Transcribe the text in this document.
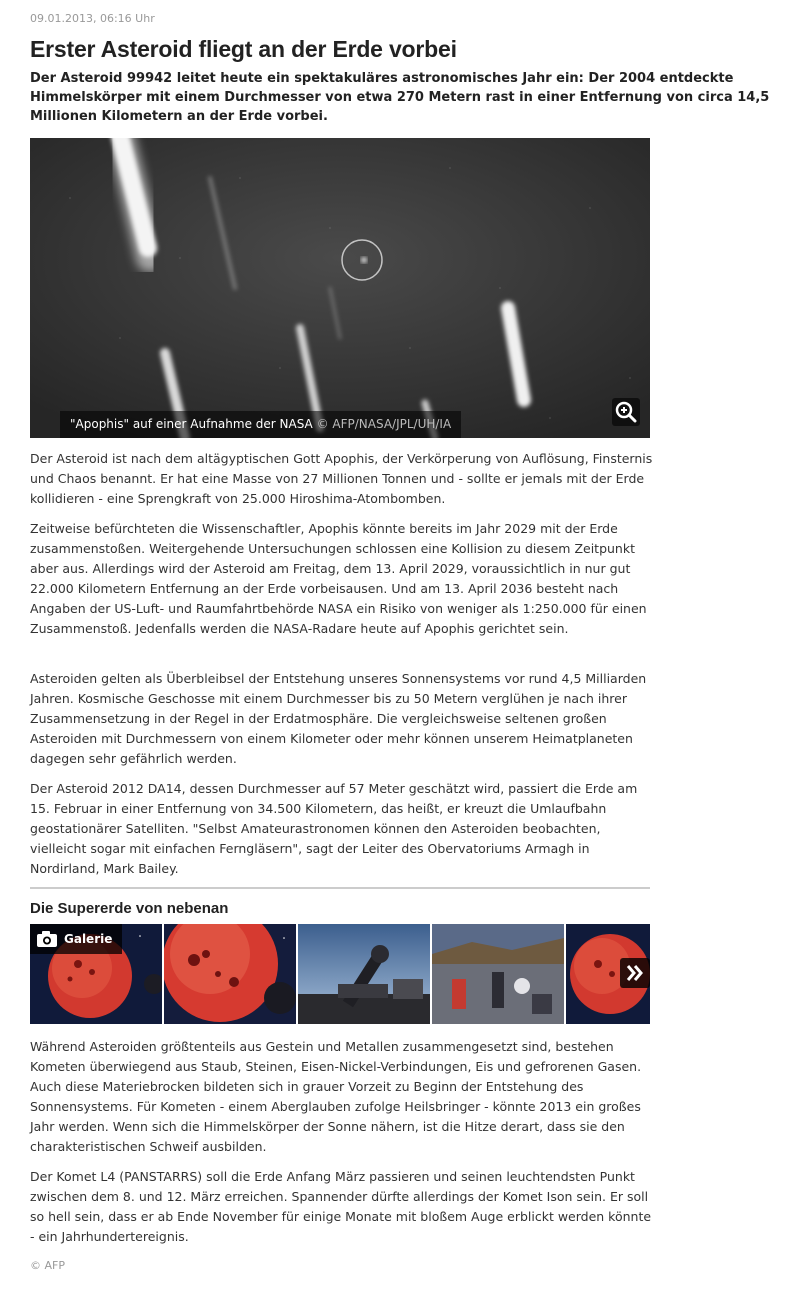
09.01.2013, 06:16 Uhr
Erster Asteroid fliegt an der Erde vorbei

Der Asteroid 99942 leitet heute ein spektakuläres astronomisches Jahr ein: Der 2004 entdeckte Himmelskörper mit einem Durchmesser von etwa 270 Metern rast in einer Entfernung von circa 14,5 Millionen Kilometern an der Erde vorbei.

"Apophis" auf einer Aufnahme der NASA © AFP/NASA/JPL/UH/IA

Der Asteroid ist nach dem altägyptischen Gott Apophis, der Verkörperung von Auflösung, Finsternis und Chaos benannt. Er hat eine Masse von 27 Millionen Tonnen und - sollte er jemals mit der Erde kollidieren - eine Sprengkraft von 25.000 Hiroshima-Atombomben.

Zeitweise befürchteten die Wissenschaftler, Apophis könnte bereits im Jahr 2029 mit der Erde zusammenstoßen. Weitergehende Untersuchungen schlossen eine Kollision zu diesem Zeitpunkt aber aus. Allerdings wird der Asteroid am Freitag, dem 13. April 2029, voraussichtlich in nur gut 22.000 Kilometern Entfernung an der Erde vorbeisausen. Und am 13. April 2036 besteht nach Angaben der US-Luft- und Raumfahrtbehörde NASA ein Risiko von weniger als 1:250.000 für einen Zusammenstoß. Jedenfalls werden die NASA-Radare heute auf Apophis gerichtet sein.

Asteroiden gelten als Überbleibsel der Entstehung unseres Sonnensystems vor rund 4,5 Milliarden Jahren. Kosmische Geschosse mit einem Durchmesser bis zu 50 Metern verglühen je nach ihrer Zusammensetzung in der Regel in der Erdatmosphäre. Die vergleichsweise seltenen großen Asteroiden mit Durchmessern von einem Kilometer oder mehr können unserem Heimatplaneten dagegen sehr gefährlich werden.

Der Asteroid 2012 DA14, dessen Durchmesser auf 57 Meter geschätzt wird, passiert die Erde am 15. Februar in einer Entfernung von 34.500 Kilometern, das heißt, er kreuzt die Umlaufbahn geostationärer Satelliten. "Selbst Amateurastronomen können den Asteroiden beobachten, vielleicht sogar mit einfachen Ferngläsern", sagt der Leiter des Obervatoriums Armagh in Nordirland, Mark Bailey.

Die Supererde von nebenan
Galerie

Während Asteroiden größtenteils aus Gestein und Metallen zusammengesetzt sind, bestehen Kometen überwiegend aus Staub, Steinen, Eisen-Nickel-Verbindungen, Eis und gefrorenen Gasen. Auch diese Materiebrocken bildeten sich in grauer Vorzeit zu Beginn der Entstehung des Sonnensystems. Für Kometen - einem Aberglauben zufolge Heilsbringer - könnte 2013 ein großes Jahr werden. Wenn sich die Himmelskörper der Sonne nähern, ist die Hitze derart, dass sie den charakteristischen Schweif ausbilden.

Der Komet L4 (PANSTARRS) soll die Erde Anfang März passieren und seinen leuchtendsten Punkt zwischen dem 8. und 12. März erreichen. Spannender dürfte allerdings der Komet Ison sein. Er soll so hell sein, dass er ab Ende November für einige Monate mit bloßem Auge erblickt werden könnte - ein Jahrhundertereignis.

© AFP
